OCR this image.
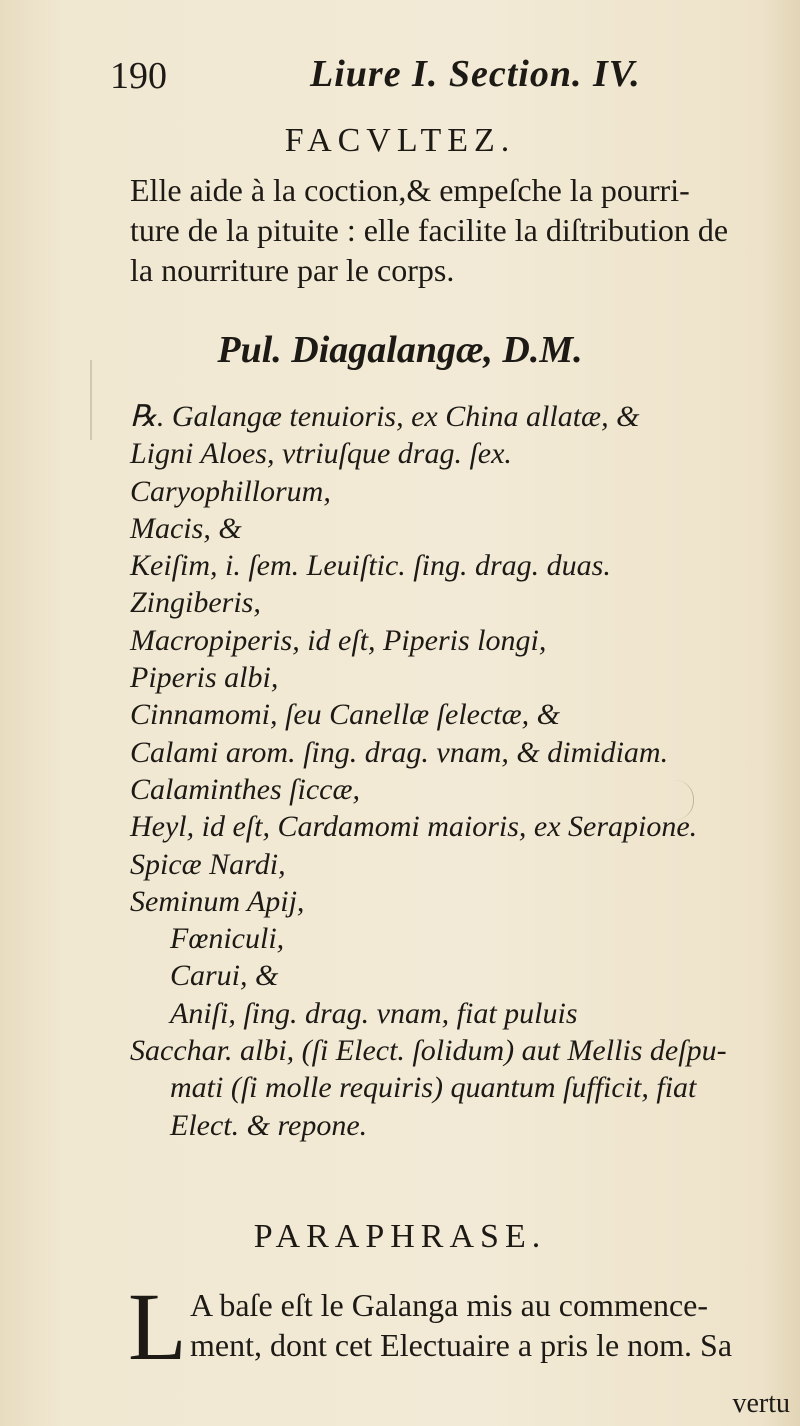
190	Liure I. Section. IV.
FACVLTEZ.
Elle aide à la coction,& empeſche la pourri-
ture de la pituite : elle facilite la diſtribution de
la nourriture par le corps.
Pul. Diagalangæ, D.M.
℞. Galangæ tenuioris, ex China allatæ, &
Ligni Aloes, vtriuſque drag. ſex.
Caryophillorum,
Macis, &
Keiſim, i. ſem. Leuiſtic. ſing. drag. duas.
Zingiberis,
Macropiperis, id eſt, Piperis longi,
Piperis albi,
Cinnamomi, ſeu Canellæ ſelectæ, &
Calami arom. ſing. drag. vnam, & dimidiam.
Calaminthes ſiccæ,
Heyl, id eſt, Cardamomi maioris, ex Serapione.
Spicæ Nardi,
Seminum Apij,
Fœniculi,
Carui, &
Aniſi, ſing. drag. vnam, fiat puluis
Sacchar. albi, (ſi Elect. ſolidum) aut Mellis deſpu-
mati (ſi molle requiris) quantum ſufficit, fiat
Elect. & repone.
PARAPHRASE.
L A baſe eſt le Galanga mis au commence-
ment, dont cet Electuaire a pris le nom. Sa
vertu
